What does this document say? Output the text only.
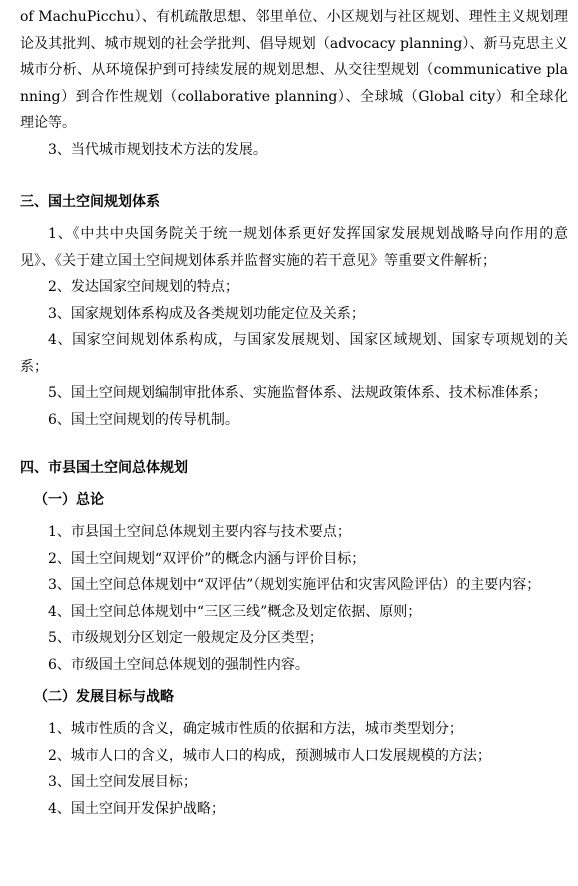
of MachuPicchu）、有机疏散思想、邻里单位、小区规划与社区规划、理性主义规划理论及其批判、城市规划的社会学批判、倡导规划（advocacy planning）、新马克思主义城市分析、从环境保护到可持续发展的规划思想、从交往型规划（communicative planning）到合作性规划（collaborative planning）、全球城（Global city）和全球化理论等。

3、当代城市规划技术方法的发展。

三、国土空间规划体系

1、《中共中央国务院关于统一规划体系更好发挥国家发展规划战略导向作用的意见》、《关于建立国土空间规划体系并监督实施的若干意见》等重要文件解析；

2、发达国家空间规划的特点；

3、国家规划体系构成及各类规划功能定位及关系；

4、国家空间规划体系构成，与国家发展规划、国家区域规划、国家专项规划的关系；

5、国土空间规划编制审批体系、实施监督体系、法规政策体系、技术标准体系；

6、国土空间规划的传导机制。

四、市县国土空间总体规划

（一）总论

1、市县国土空间总体规划主要内容与技术要点；

2、国土空间规划“双评价”的概念内涵与评价目标；

3、国土空间总体规划中“双评估”（规划实施评估和灾害风险评估）的主要内容；

4、国土空间总体规划中“三区三线”概念及划定依据、原则；

5、市级规划分区划定一般规定及分区类型；

6、市级国土空间总体规划的强制性内容。

（二）发展目标与战略

1、城市性质的含义，确定城市性质的依据和方法，城市类型划分；

2、城市人口的含义，城市人口的构成，预测城市人口发展规模的方法；

3、国土空间发展目标；

4、国土空间开发保护战略；
